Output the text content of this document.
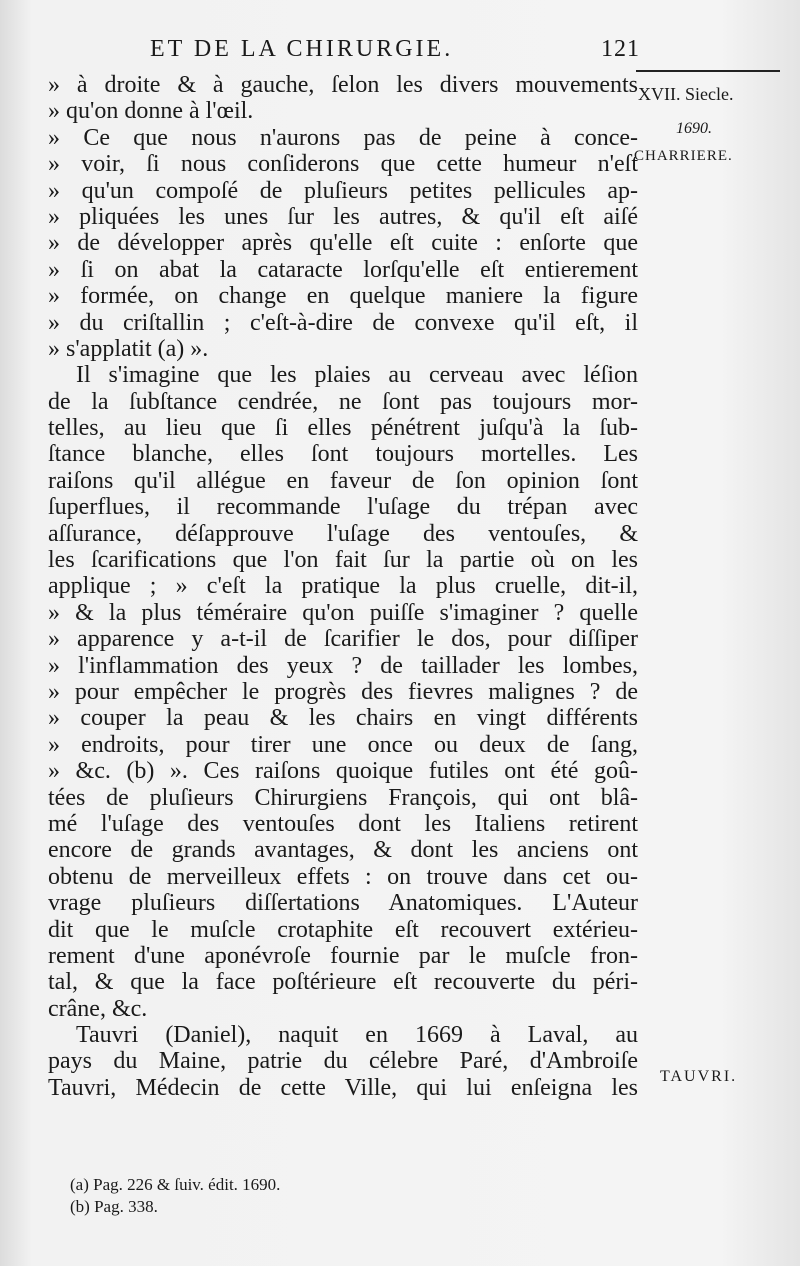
ET DE LA CHIRURGIE.	121
XVII. Siecle.
1690.
CHARRIERE.
TAUVRI.
» à droite & à gauche, ſelon les divers mouvements
» qu'on donne à l'œil.
» Ce que nous n'aurons pas de peine à conce-
» voir, ſi nous conſiderons que cette humeur n'eſt
» qu'un compoſé de pluſieurs petites pellicules ap-
» pliquées les unes ſur les autres, & qu'il eſt aiſé
» de développer après qu'elle eſt cuite : enſorte que
» ſi on abat la cataracte lorſqu'elle eſt entierement
» formée, on change en quelque maniere la figure
» du criſtallin ; c'eſt-à-dire de convexe qu'il eſt, il
» s'applatit (a) ».
Il s'imagine que les plaies au cerveau avec léſion
de la ſubſtance cendrée, ne ſont pas toujours mor-
telles, au lieu que ſi elles pénétrent juſqu'à la ſub-
ſtance blanche, elles ſont toujours mortelles. Les
raiſons qu'il allégue en faveur de ſon opinion ſont
ſuperflues, il recommande l'uſage du trépan avec
aſſurance, déſapprouve l'uſage des ventouſes, &
les ſcarifications que l'on fait ſur la partie où on les
applique ; » c'eſt la pratique la plus cruelle, dit-il,
» & la plus téméraire qu'on puiſſe s'imaginer ? quelle
» apparence y a-t-il de ſcarifier le dos, pour diſſiper
» l'inflammation des yeux ? de taillader les lombes,
» pour empêcher le progrès des fievres malignes ? de
» couper la peau & les chairs en vingt différents
» endroits, pour tirer une once ou deux de ſang,
» &c. (b) ». Ces raiſons quoique futiles ont été goû-
tées de pluſieurs Chirurgiens François, qui ont blâ-
mé l'uſage des ventouſes dont les Italiens retirent
encore de grands avantages, & dont les anciens ont
obtenu de merveilleux effets : on trouve dans cet ou-
vrage pluſieurs diſſertations Anatomiques. L'Auteur
dit que le muſcle crotaphite eſt recouvert extérieu-
rement d'une aponévroſe fournie par le muſcle fron-
tal, & que la face poſtérieure eſt recouverte du péri-
crâne, &c.
Tauvri (Daniel), naquit en 1669 à Laval, au
pays du Maine, patrie du célebre Paré, d'Ambroiſe
Tauvri, Médecin de cette Ville, qui lui enſeigna les
(a) Pag. 226 & ſuiv. édit. 1690.
(b) Pag. 338.
